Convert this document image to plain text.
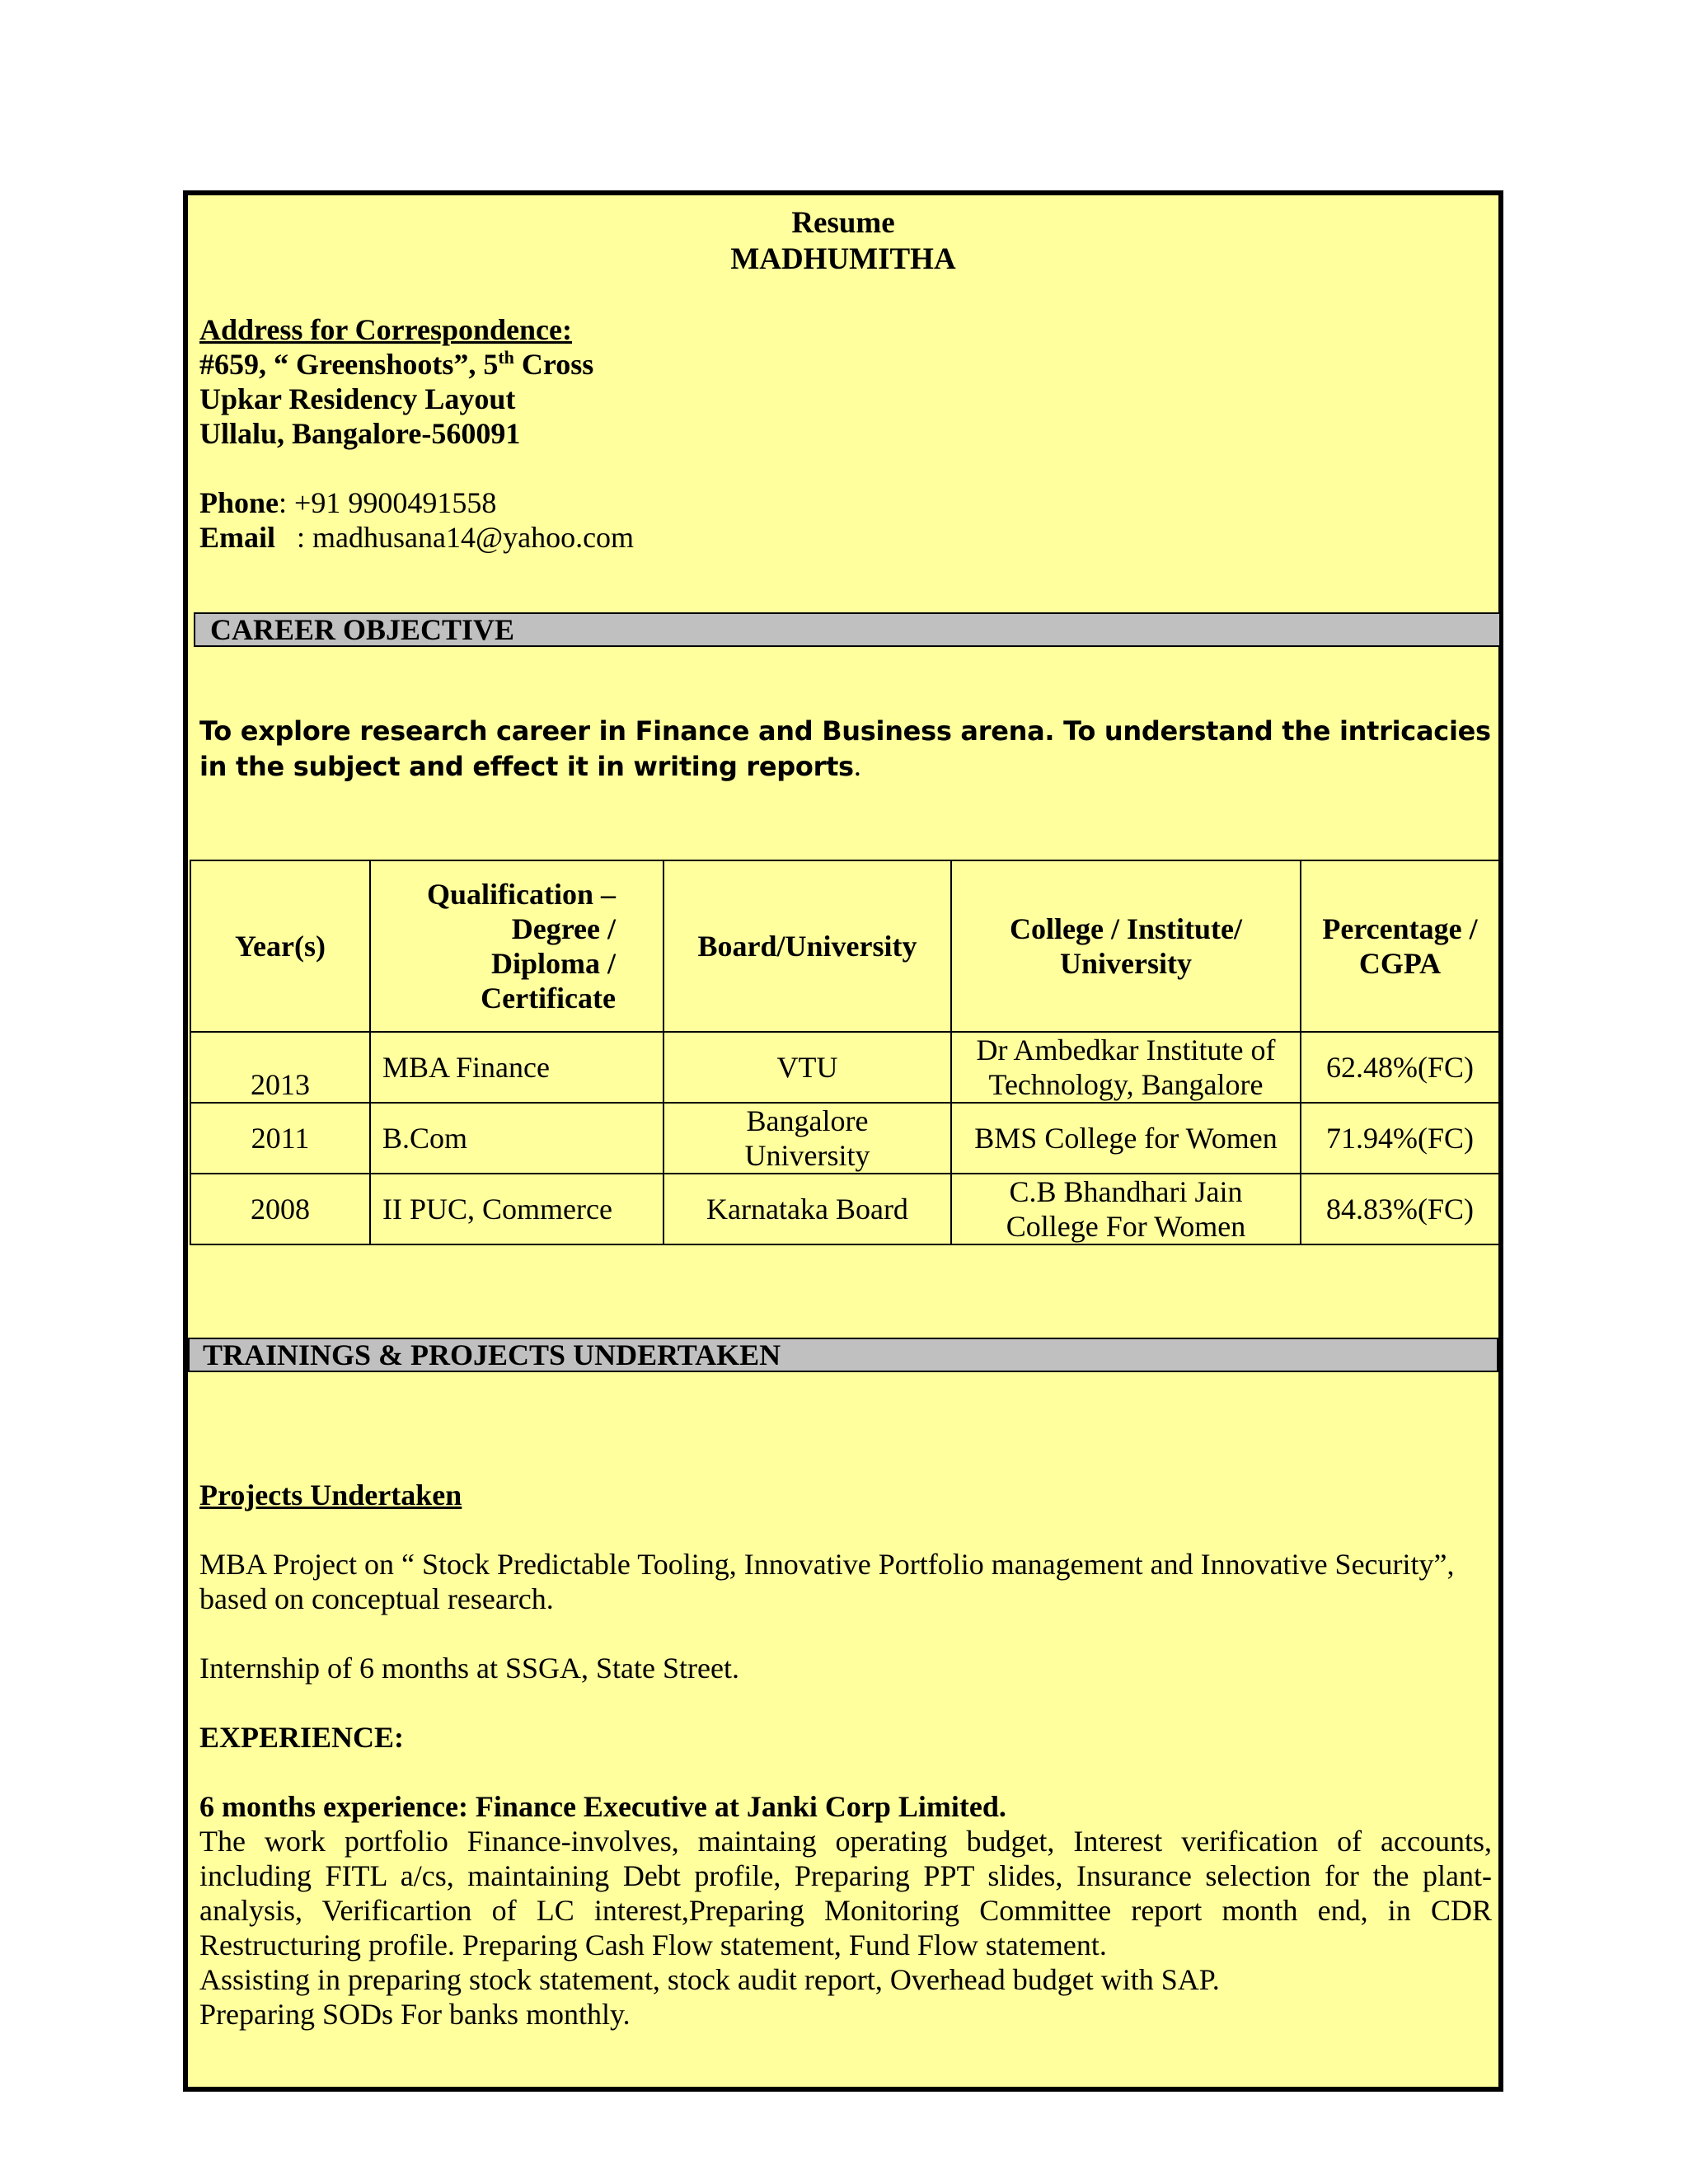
Resume
MADHUMITHA
Address for Correspondence:
#659, “ Greenshoots”, 5th Cross
Upkar Residency Layout
Ullalu, Bangalore-560091
Phone: +91 9900491558
Email : madhusana14@yahoo.com
CAREER OBJECTIVE
To explore research career in Finance and Business arena. To understand the intricacies in the subject and effect it in writing reports.
Year(s)	Qualification – Degree / Diploma / Certificate	Board/University	College / Institute/ University	Percentage / CGPA

2013	MBA Finance	VTU	Dr Ambedkar Institute of Technology, Bangalore	62.48%(FC)
2011	B.Com	Bangalore University	BMS College for Women	71.94%(FC)
2008	II PUC, Commerce	Karnataka Board	C.B Bhandhari Jain College For Women	84.83%(FC)
TRAININGS & PROJECTS UNDERTAKEN
Projects Undertaken
MBA Project on “ Stock Predictable Tooling, Innovative Portfolio management and Innovative Security”, based on conceptual research.
Internship of 6 months at SSGA, State Street.
EXPERIENCE:
6 months experience: Finance Executive at Janki Corp Limited.
The work portfolio Finance-involves, maintaing operating budget, Interest verification of accounts, including FITL a/cs, maintaining Debt profile, Preparing PPT slides, Insurance selection for the plant-analysis, Verificartion of LC interest,Preparing Monitoring Committee report month end, in CDR Restructuring profile. Preparing Cash Flow statement, Fund Flow statement.
Assisting in preparing stock statement, stock audit report, Overhead budget with SAP.
Preparing SODs For banks monthly.
